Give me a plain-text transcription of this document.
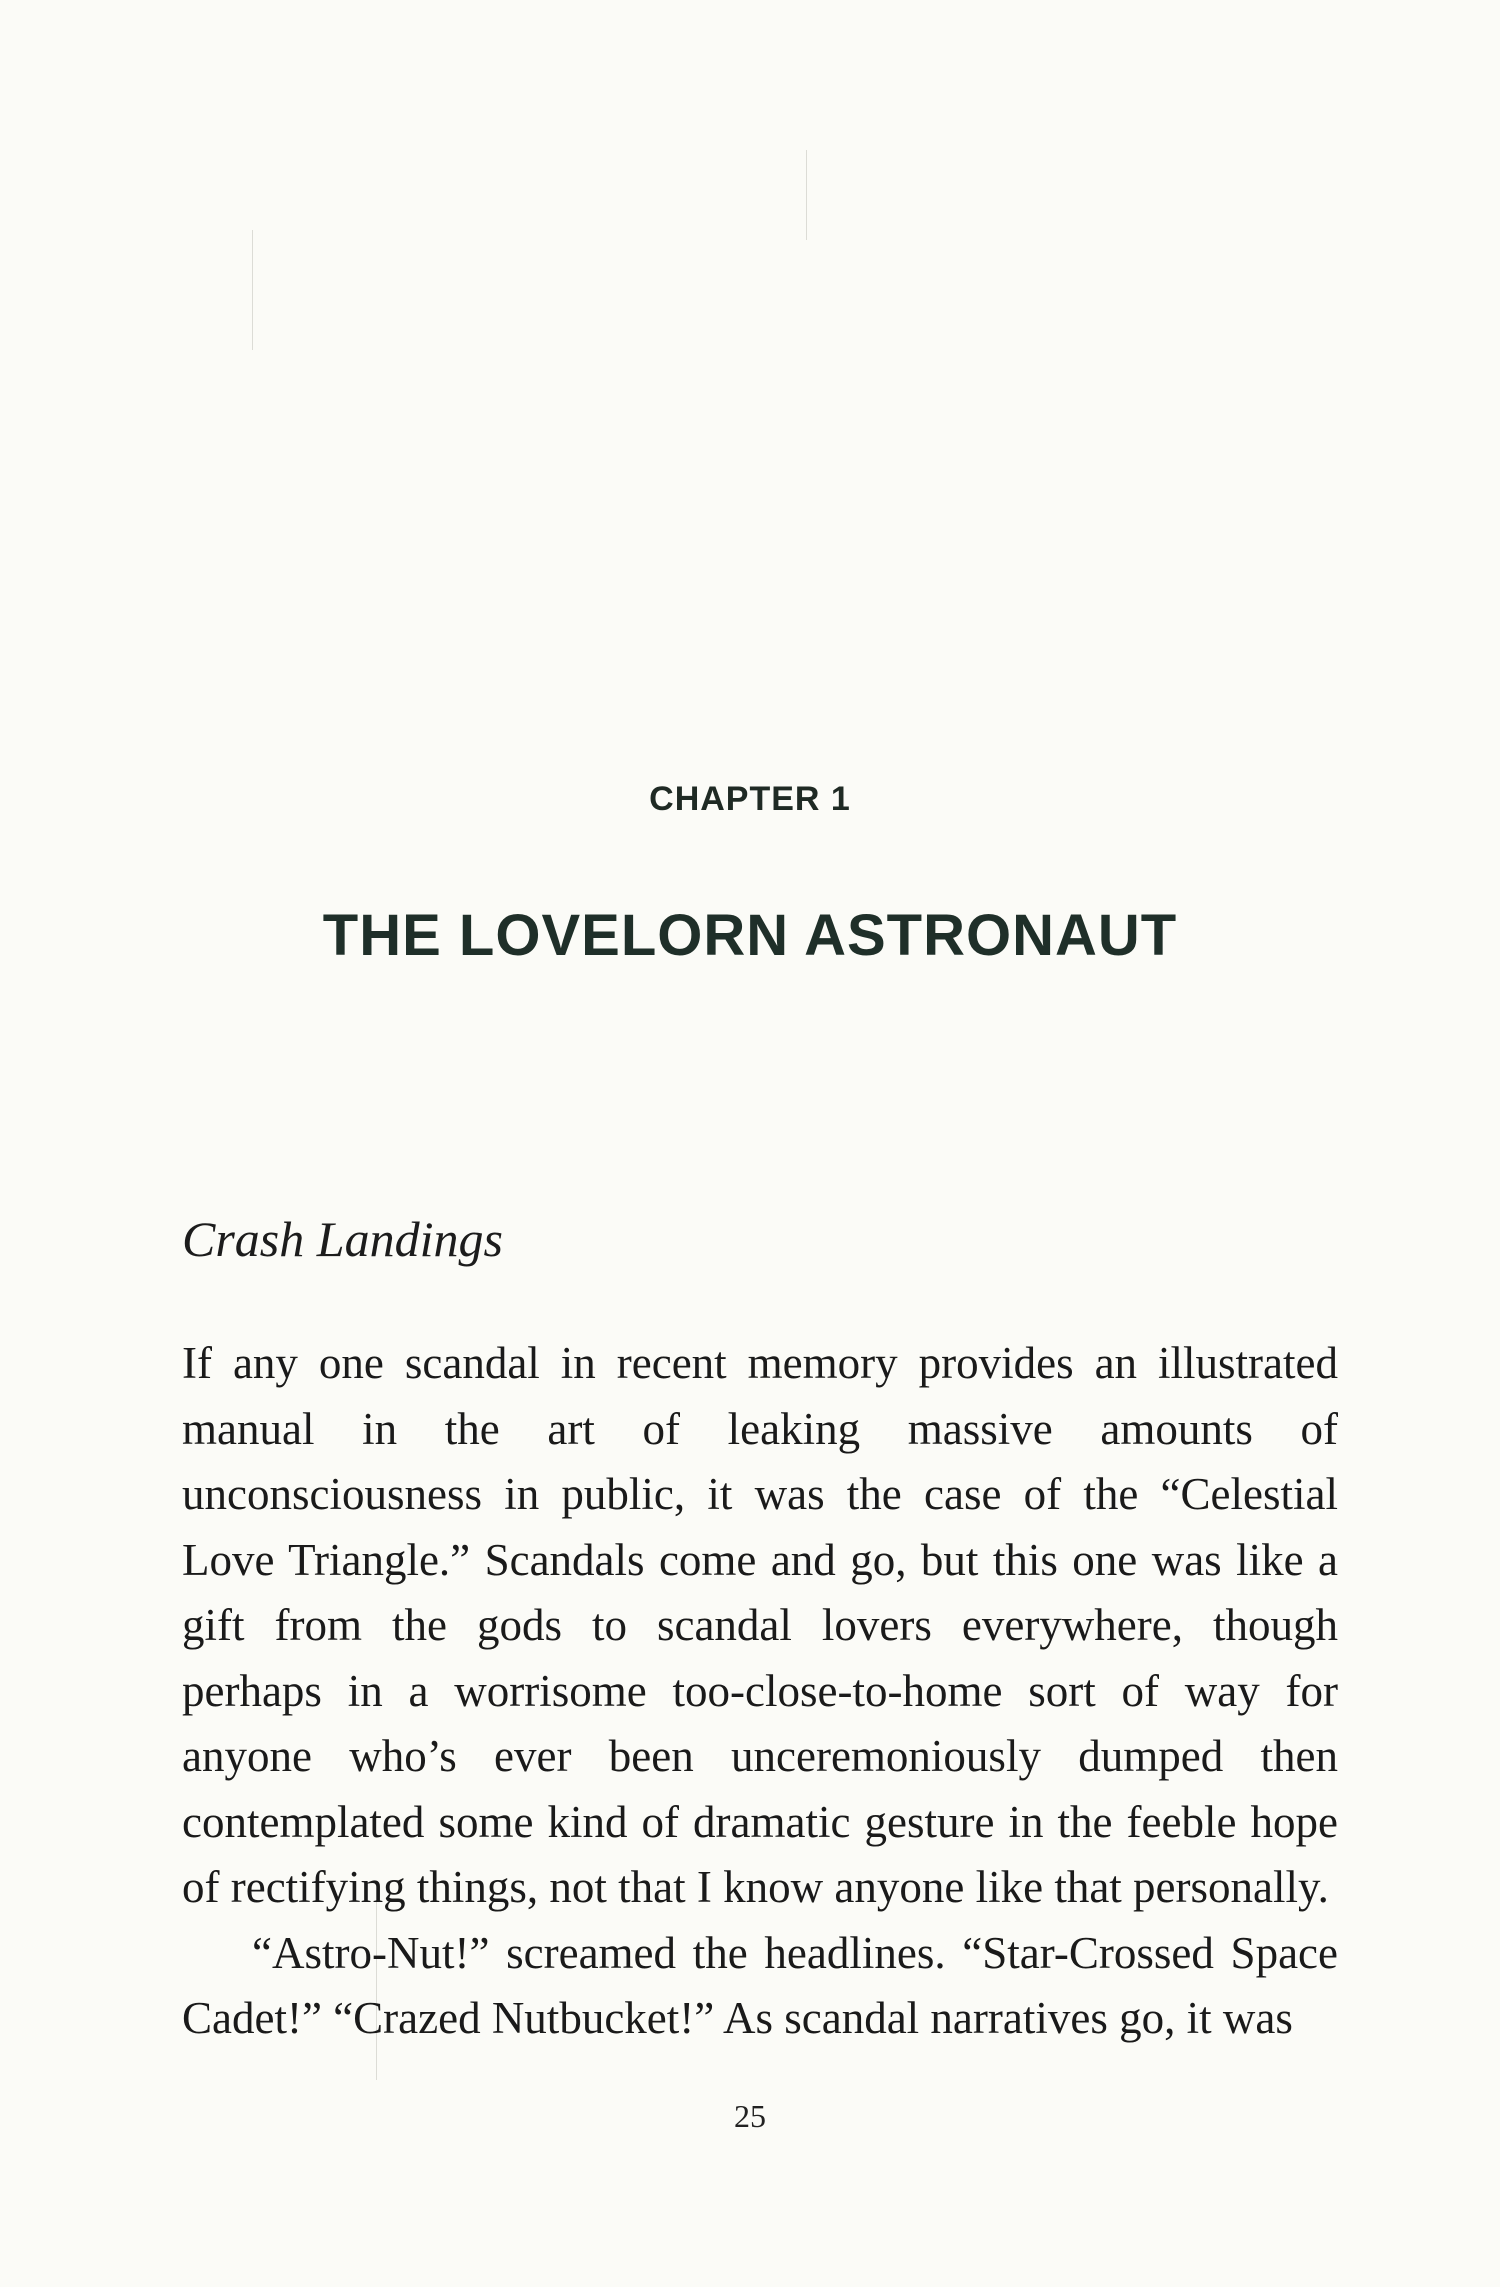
CHAPTER 1
THE LOVELORN ASTRONAUT
Crash Landings

If any one scandal in recent memory provides an illustrated manual in the art of leaking massive amounts of unconsciousness in public, it was the case of the “Celestial Love Triangle.” Scandals come and go, but this one was like a gift from the gods to scandal lovers everywhere, though perhaps in a worrisome too-close-to-home sort of way for anyone who’s ever been unceremoniously dumped then contemplated some kind of dramatic gesture in the feeble hope of rectifying things, not that I know anyone like that personally.

“Astro-Nut!” screamed the headlines. “Star-Crossed Space Cadet!” “Crazed Nutbucket!” As scandal narratives go, it was

25
